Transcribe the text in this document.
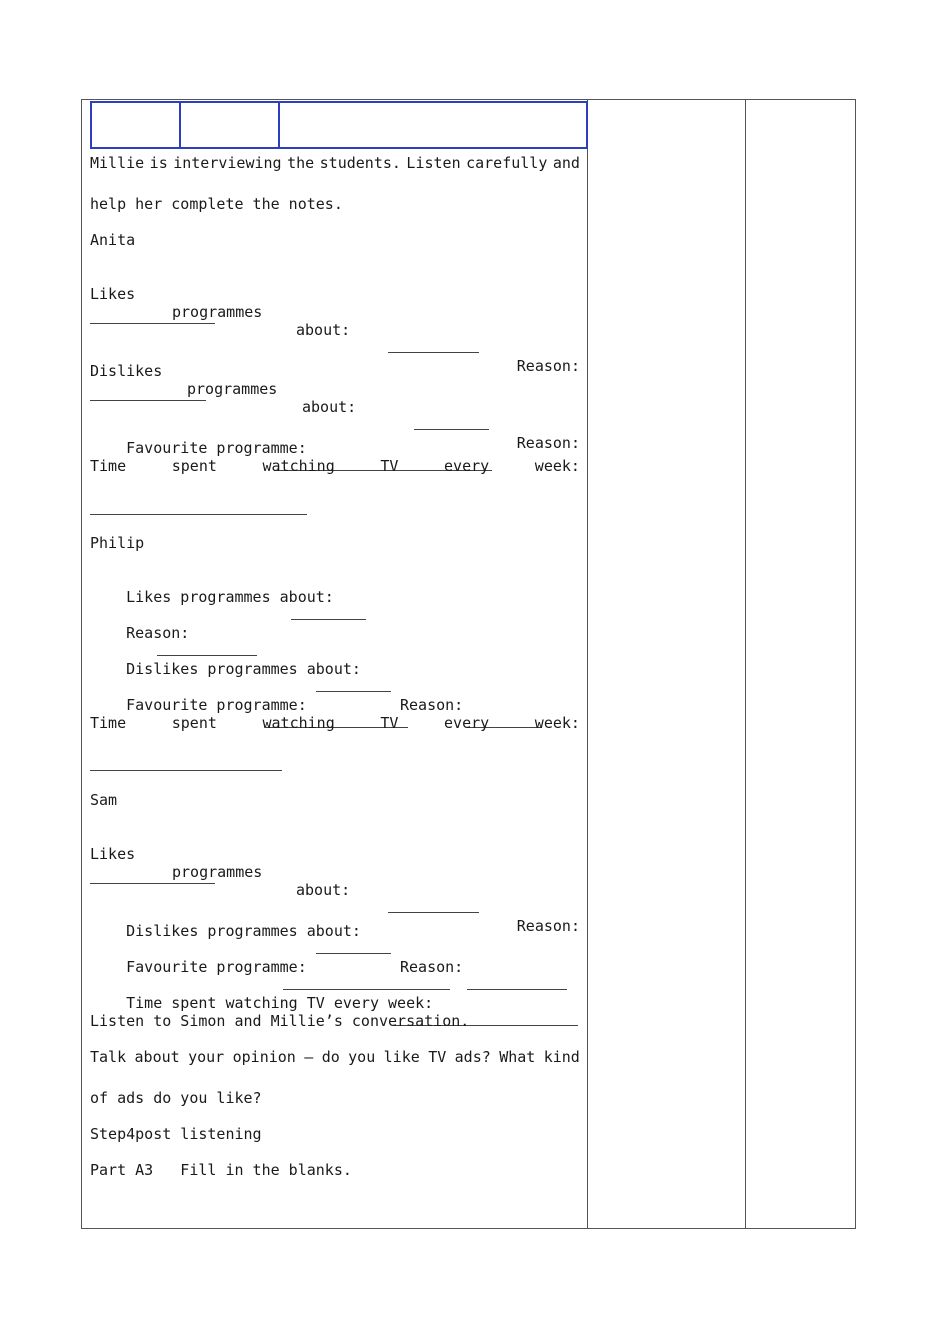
Millie is interviewing the students. Listen carefully and
help her complete the notes.
Anita

Likes

programmes

about:

Reason:

Dislikes

programmes

about:

Reason:

Favourite programme:

Time	spent	watching	TV	every	week:
Philip

Likes programmes about:

Reason:

Dislikes programmes about:

Reason:

Favourite programme:

Time	spent	watching	TV	every	week:
Sam

Likes

programmes

about:

Reason:

Dislikes programmes about:

Reason:

Favourite programme:

Time spent watching TV every week:

Listen to Simon and Millie’s conversation.
Talk about your opinion — do you like TV ads? What kind
of ads do you like?
Step4post listening
Part A3   Fill in the blanks.
